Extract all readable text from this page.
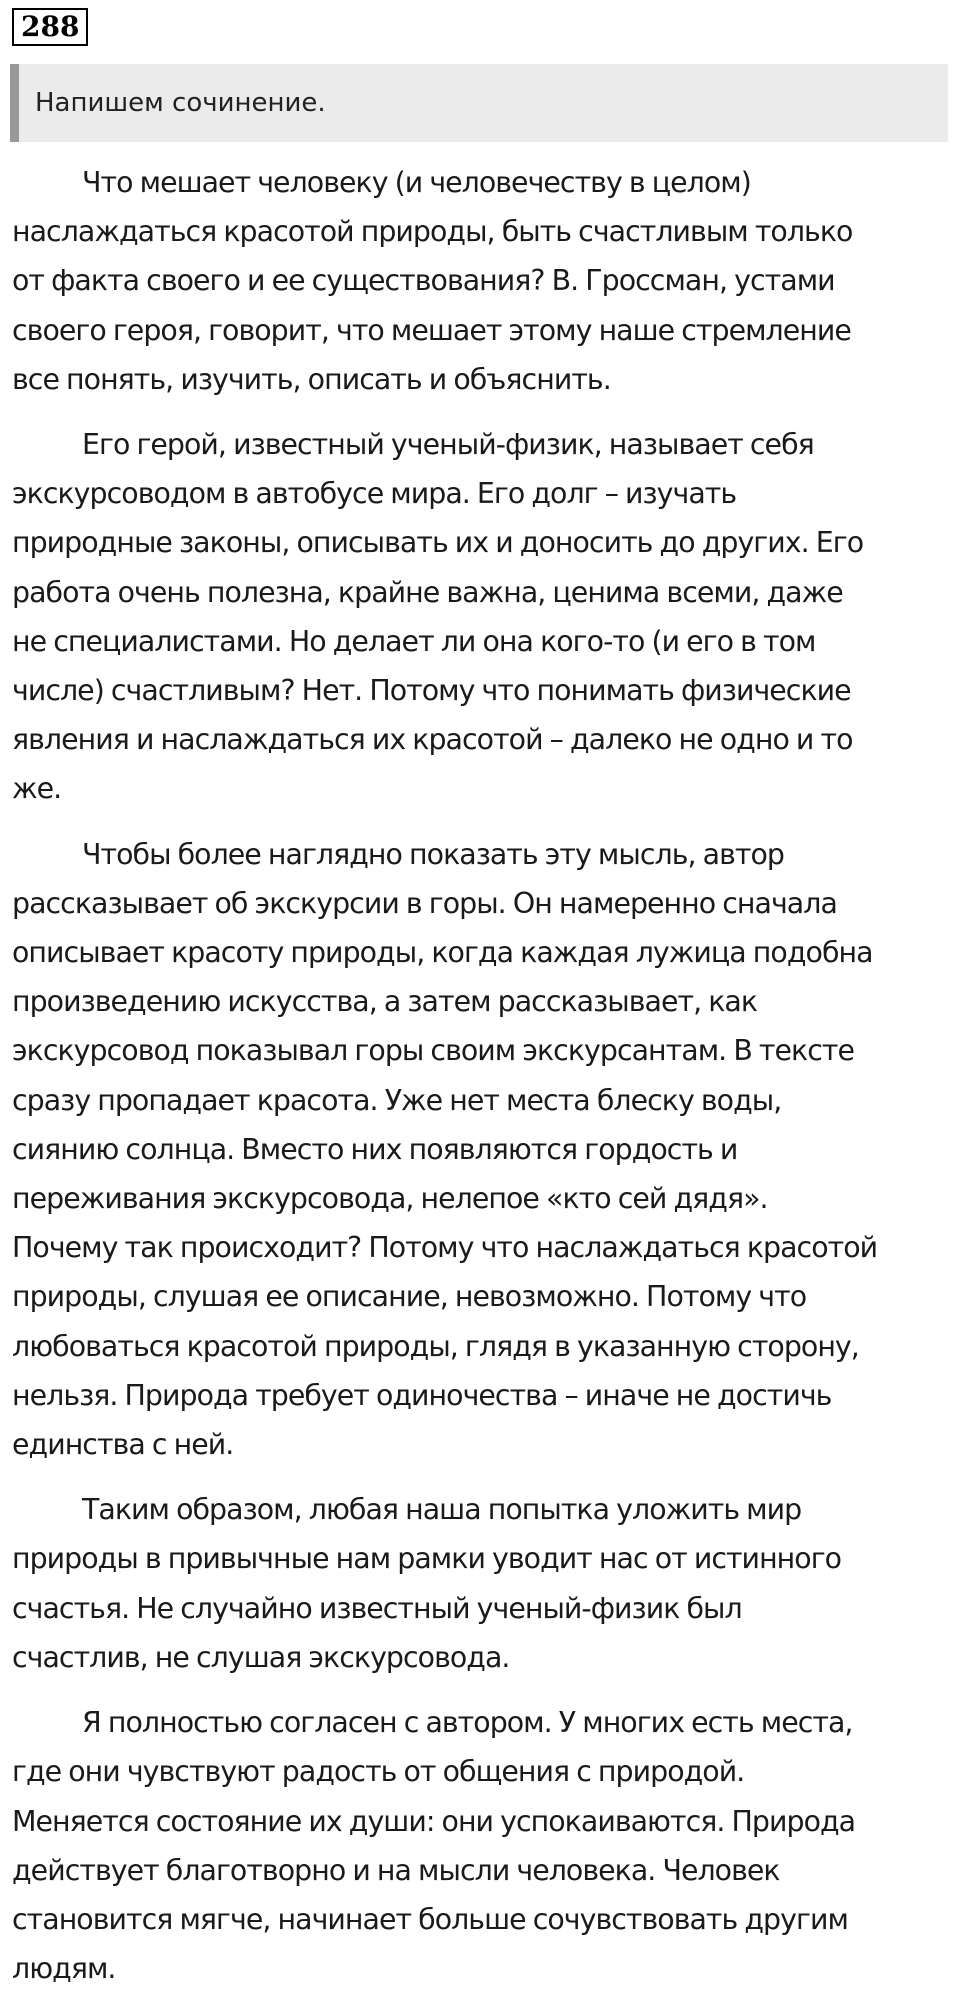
288
Напишем сочинение.

Что мешает человеку (и человечеству в целом)
наслаждаться красотой природы, быть счастливым только
от факта своего и ее существования? В. Гроссман, устами
своего героя, говорит, что мешает этому наше стремление
все понять, изучить, описать и объяснить.

Его герой, известный ученый-физик, называет себя
экскурсоводом в автобусе мира. Его долг – изучать
природные законы, описывать их и доносить до других. Его
работа очень полезна, крайне важна, ценима всеми, даже
не специалистами. Но делает ли она кого-то (и его в том
числе) счастливым? Нет. Потому что понимать физические
явления и наслаждаться их красотой – далеко не одно и то
же.

Чтобы более наглядно показать эту мысль, автор
рассказывает об экскурсии в горы. Он намеренно сначала
описывает красоту природы, когда каждая лужица подобна
произведению искусства, а затем рассказывает, как
экскурсовод показывал горы своим экскурсантам. В тексте
сразу пропадает красота. Уже нет места блеску воды,
сиянию солнца. Вместо них появляются гордость и
переживания экскурсовода, нелепое «кто сей дядя».
Почему так происходит? Потому что наслаждаться красотой
природы, слушая ее описание, невозможно. Потому что
любоваться красотой природы, глядя в указанную сторону,
нельзя. Природа требует одиночества – иначе не достичь
единства с ней.

Таким образом, любая наша попытка уложить мир
природы в привычные нам рамки уводит нас от истинного
счастья. Не случайно известный ученый-физик был
счастлив, не слушая экскурсовода.

Я полностью согласен с автором. У многих есть места,
где они чувствуют радость от общения с природой.
Меняется состояние их души: они успокаиваются. Природа
действует благотворно и на мысли человека. Человек
становится мягче, начинает больше сочувствовать другим
людям.
